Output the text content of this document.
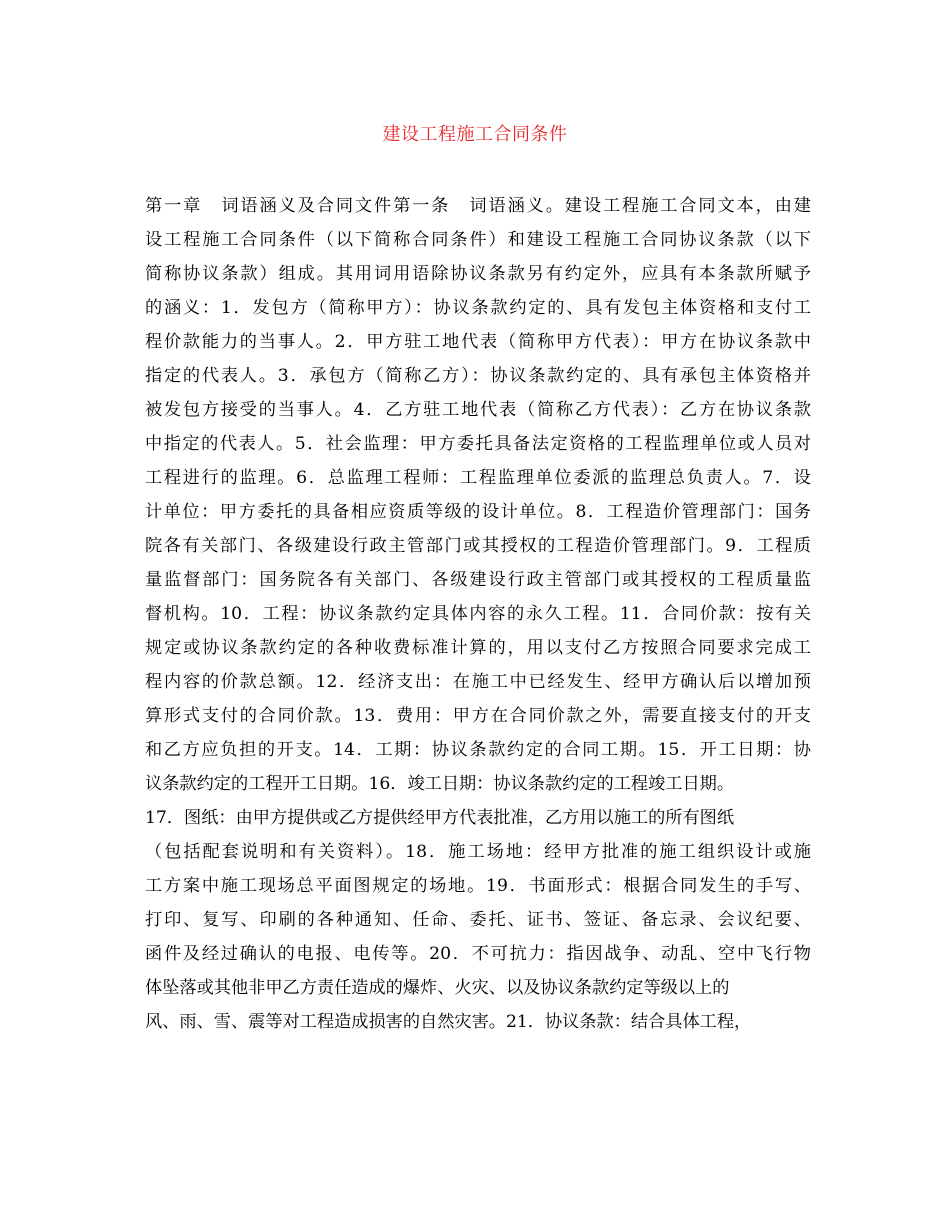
建设工程施工合同条件
第一章　词语涵义及合同文件第一条　词语涵义。建设工程施工合同文本，由建
设工程施工合同条件（以下简称合同条件）和建设工程施工合同协议条款（以下
简称协议条款）组成。其用词用语除协议条款另有约定外，应具有本条款所赋予
的涵义：1．发包方（简称甲方）：协议条款约定的、具有发包主体资格和支付工
程价款能力的当事人。2．甲方驻工地代表（简称甲方代表）：甲方在协议条款中
指定的代表人。3．承包方（简称乙方）：协议条款约定的、具有承包主体资格并
被发包方接受的当事人。4．乙方驻工地代表（简称乙方代表）：乙方在协议条款
中指定的代表人。5．社会监理：甲方委托具备法定资格的工程监理单位或人员对
工程进行的监理。6．总监理工程师：工程监理单位委派的监理总负责人。7．设
计单位：甲方委托的具备相应资质等级的设计单位。8．工程造价管理部门：国务
院各有关部门、各级建设行政主管部门或其授权的工程造价管理部门。9．工程质
量监督部门：国务院各有关部门、各级建设行政主管部门或其授权的工程质量监
督机构。10．工程：协议条款约定具体内容的永久工程。11．合同价款：按有关
规定或协议条款约定的各种收费标准计算的，用以支付乙方按照合同要求完成工
程内容的价款总额。12．经济支出：在施工中已经发生、经甲方确认后以增加预
算形式支付的合同价款。13．费用：甲方在合同价款之外，需要直接支付的开支
和乙方应负担的开支。14．工期：协议条款约定的合同工期。15．开工日期：协
议条款约定的工程开工日期。16．竣工日期：协议条款约定的工程竣工日期。
17．图纸：由甲方提供或乙方提供经甲方代表批准，乙方用以施工的所有图纸
（包括配套说明和有关资料）。18．施工场地：经甲方批准的施工组织设计或施
工方案中施工现场总平面图规定的场地。19．书面形式：根据合同发生的手写、
打印、复写、印刷的各种通知、任命、委托、证书、签证、备忘录、会议纪要、
函件及经过确认的电报、电传等。20．不可抗力：指因战争、动乱、空中飞行物
体坠落或其他非甲乙方责任造成的爆炸、火灾、以及协议条款约定等级以上的
风、雨、雪、震等对工程造成损害的自然灾害。21．协议条款：结合具体工程，
